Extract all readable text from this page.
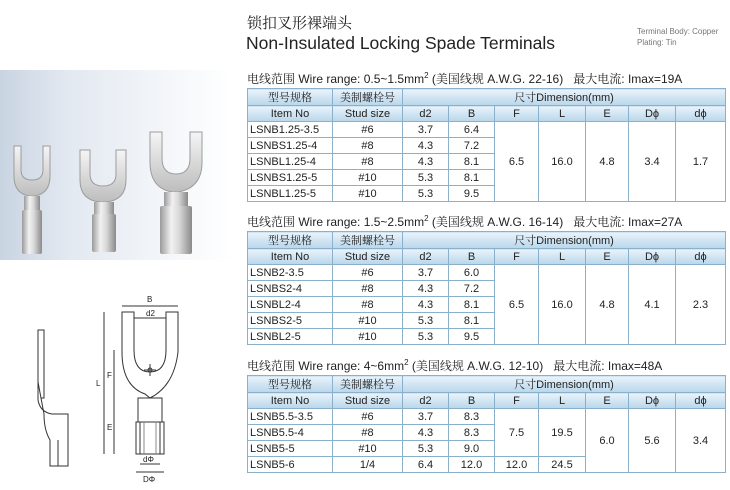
B
d2
L
F
E
dΦ
DΦ
锁扣叉形裸端头
Non-Insulated Locking Spade Terminals
Terminal Body: Copper
Plating: Tin
电线范围 Wire range: $0.5\sim 1.5mm^2$ (美国线规 A.W.G. 22-16) 最大电流: Imax=19A
型号规格	美制螺栓号	尺寸Dimension(mm)						
Item No	Stud size	d2	B	F	L	E	Dϕ	dϕ
LSNB1.25-3.5	#6	3.7	6.4	6.5	16.0	4.8	3.4	1.7
LSNBS1.25-4	#8	4.3	7.2					
LSNBL1.25-4	#8	4.3	8.1					
LSNBS1.25-5	#10	5.3	8.1					
LSNBL1.25-5	#10	5.3	9.5					
电线范围 Wire range: $1.5\sim 2.5mm^2$ (美国线规 A.W.G. 16-14) 最大电流: Imax=27A
型号规格	美制螺栓号	尺寸Dimension(mm)						
Item No	Stud size	d2	B	F	L	E	Dϕ	dϕ
LSNB2-3.5	#6	3.7	6.0	6.5	16.0	4.8	4.1	2.3
LSNBS2-4	#8	4.3	7.2					
LSNBL2-4	#8	4.3	8.1					
LSNBS2-5	#10	5.3	8.1					
LSNBL2-5	#10	5.3	9.5					
电线范围 Wire range: $4\sim 6mm^2$ (美国线规 A.W.G. 12-10) 最大电流: Imax=48A
型号规格	美制螺栓号	尺寸Dimension(mm)						
Item No	Stud size	d2	B	F	L	E	Dϕ	dϕ
LSNB5.5-3.5	#6	3.7	8.3	7.5	19.5	6.0	5.6	3.4
LSNB5.5-4	#8	4.3	8.3					
LSNB5-5	#10	5.3	9.0					
LSNB5-6	1/4	6.4	12.0	12.0	24.5			
